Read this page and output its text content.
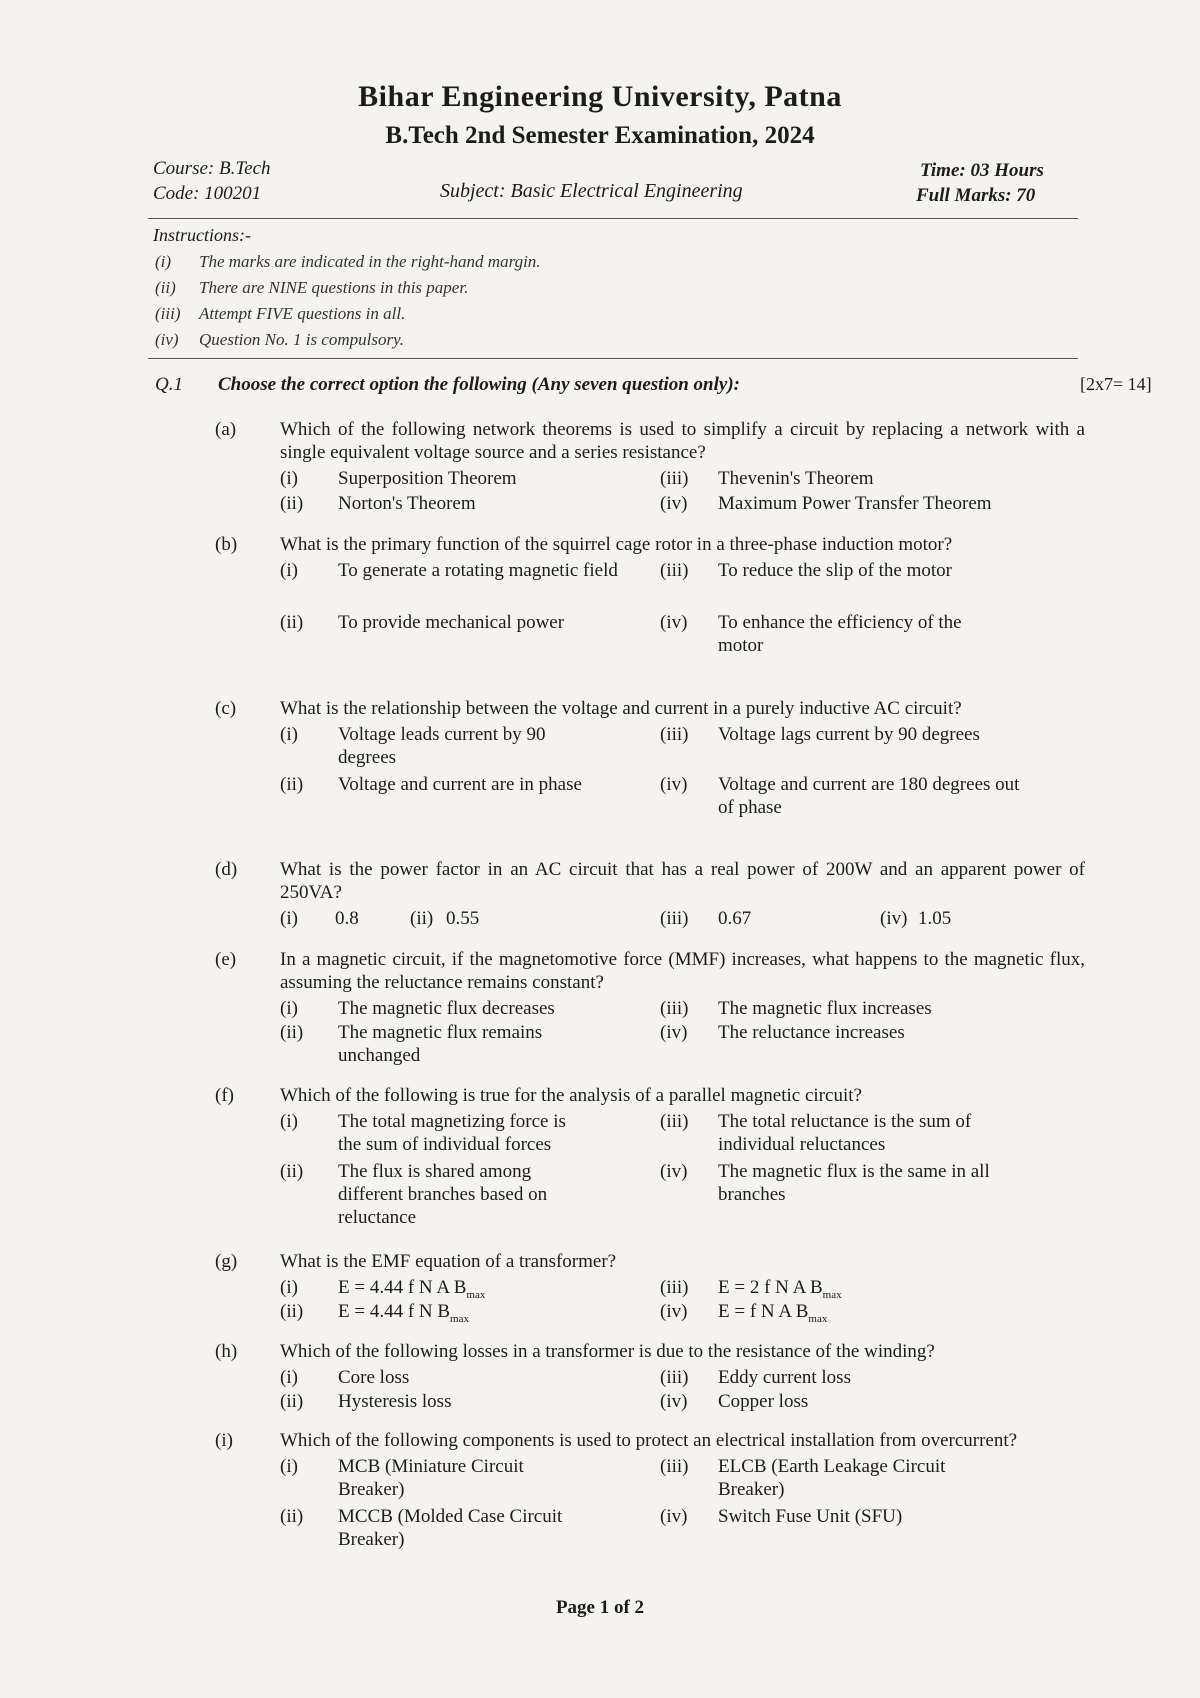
Bihar Engineering University, Patna
B.Tech 2nd Semester Examination, 2024
Course: B.Tech
Code: 100201	Subject: Basic Electrical Engineering
Time: 03 Hours
Full Marks: 70
Instructions:-
(i) The marks are indicated in the right-hand margin.
(ii) There are NINE questions in this paper.
(iii) Attempt FIVE questions in all.
(iv) Question No. 1 is compulsory.
Q.1 Choose the correct option the following (Any seven question only):	[2x7= 14]
(a)	Which of the following network theorems is used to simplify a circuit by replacing a network with a single equivalent voltage source and a series resistance?
(i)	Superposition Theorem
(ii)	Norton's Theorem
(iii)	Thevenin's Theorem
(iv)	Maximum Power Transfer Theorem
(b)	What is the primary function of the squirrel cage rotor in a three-phase induction motor?
(i)	To generate a rotating magnetic field
(ii)	To provide mechanical power
(iii)	To reduce the slip of the motor
(iv)	To enhance the efficiency of the motor
(c)	What is the relationship between the voltage and current in a purely inductive AC circuit?
(i)	Voltage leads current by 90 degrees
(ii)	Voltage and current are in phase
(iii)	Voltage lags current by 90 degrees
(iv)	Voltage and current are 180 degrees out of phase
(d)	What is the power factor in an AC circuit that has a real power of 200W and an apparent power of 250VA?
(i)	0.8	(ii) 0.55	(iii)	0.67	(iv) 1.05
(e)	In a magnetic circuit, if the magnetomotive force (MMF) increases, what happens to the magnetic flux, assuming the reluctance remains constant?
(i)	The magnetic flux decreases
(ii)	The magnetic flux remains unchanged
(iii)	The magnetic flux increases
(iv)	The reluctance increases
(f)	Which of the following is true for the analysis of a parallel magnetic circuit?
(i)	The total magnetizing force is the sum of individual forces
(ii)	The flux is shared among different branches based on reluctance
(iii)	The total reluctance is the sum of individual reluctances
(iv)	The magnetic flux is the same in all branches
(g)	What is the EMF equation of a transformer?
(i)	E = 4.44 f N A $B_{max}$
(ii)	E = 4.44 f N $B_{max}$
(iii)	E = 2 f N A $B_{max}$
(iv)	E = f N A $B_{max}$
(h)	Which of the following losses in a transformer is due to the resistance of the winding?
(i)	Core loss
(ii)	Hysteresis loss
(iii)	Eddy current loss
(iv)	Copper loss
(i)	Which of the following components is used to protect an electrical installation from overcurrent?
(i)	MCB (Miniature Circuit Breaker)
(ii)	MCCB (Molded Case Circuit Breaker)
(iii)	ELCB (Earth Leakage Circuit Breaker)
(iv)	Switch Fuse Unit (SFU)
Page 1 of 2
